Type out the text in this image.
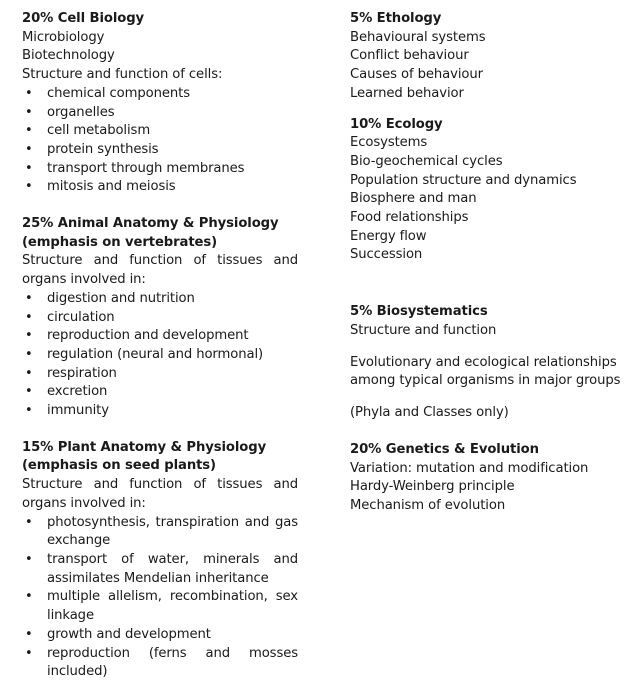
20% Cell Biology

Microbiology

Biotechnology

Structure and function of cells:

• chemical components
• organelles
• cell metabolism
• protein synthesis
• transport through membranes
• mitosis and meiosis

25% Animal Anatomy & Physiology

(emphasis on vertebrates)

Structure and function of tissues and organs involved in:

• digestion and nutrition
• circulation
• reproduction and development
• regulation (neural and hormonal)
• respiration
• excretion
• immunity

15% Plant Anatomy & Physiology

(emphasis on seed plants)

Structure and function of tissues and organs involved in:

• photosynthesis, transpiration and gas exchange
• transport of water, minerals and assimilates Mendelian inheritance
• multiple allelism, recombination, sex linkage
• growth and development
• reproduction (ferns and mosses included)

5% Ethology

Behavioural systems

Conflict behaviour

Causes of behaviour

Learned behavior

10% Ecology

Ecosystems

Bio-geochemical cycles

Population structure and dynamics

Biosphere and man

Food relationships

Energy flow

Succession

5% Biosystematics

Structure and function

Evolutionary and ecological relationships among typical organisms in major groups

(Phyla and Classes only)

20% Genetics & Evolution

Variation: mutation and modification

Hardy-Weinberg principle

Mechanism of evolution
